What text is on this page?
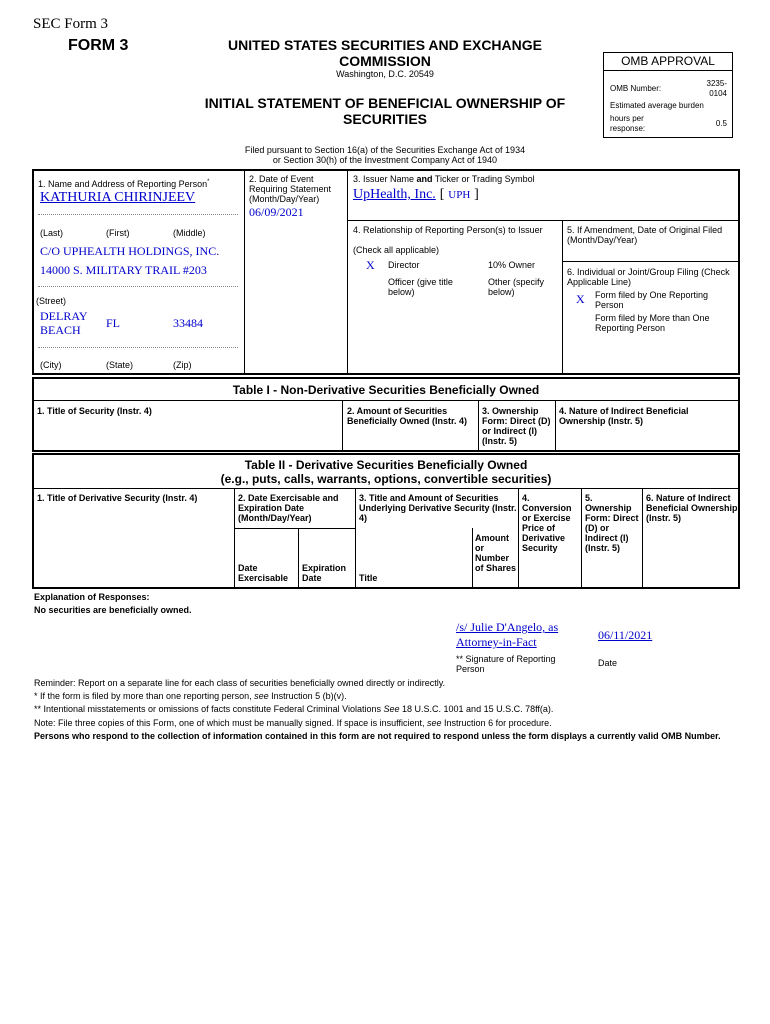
SEC Form 3
FORM 3	UNITED STATES SECURITIES AND EXCHANGE COMMISSION
Washington, D.C. 20549
INITIAL STATEMENT OF BENEFICIAL OWNERSHIP OF SECURITIES
Filed pursuant to Section 16(a) of the Securities Exchange Act of 1934
or Section 30(h) of the Investment Company Act of 1940
OMB APPROVAL
OMB Number:
3235-0104
Estimated average burden
hours per response:
0.5
1. Name and Address of Reporting Person*
KATHURIA CHIRINJEEV
(Last)	(First)	(Middle)
C/O UPHEALTH HOLDINGS, INC.
14000 S. MILITARY TRAIL #203
(Street)
DELRAY BEACH	FL	33484
(City)	(State)	(Zip)
2. Date of Event Requiring Statement (Month/Day/Year)
06/09/2021
3. Issuer Name and Ticker or Trading Symbol
UpHealth, Inc. [ UPH ]
4. Relationship of Reporting Person(s) to Issuer
(Check all applicable)
X Director	10% Owner
Officer (give title below)
Other (specify below)
5. If Amendment, Date of Original Filed (Month/Day/Year)
6. Individual or Joint/Group Filing (Check Applicable Line)
X Form filed by One Reporting Person
Form filed by More than One Reporting Person
Table I - Non-Derivative Securities Beneficially Owned
1. Title of Security (Instr. 4)	2. Amount of Securities Beneficially Owned (Instr. 4)
3. Ownership Form: Direct (D) or Indirect (I) (Instr. 5)
4. Nature of Indirect Beneficial Ownership (Instr. 5)
Table II - Derivative Securities Beneficially Owned
(e.g., puts, calls, warrants, options, convertible securities)
1. Title of Derivative Security (Instr. 4)	2. Date Exercisable and Expiration Date (Month/Day/Year)
3. Title and Amount of Securities Underlying Derivative Security (Instr. 4)
4. Conversion or Exercise Price of Derivative Security
5. Ownership Form: Direct (D) or Indirect (I) (Instr. 5)
6. Nature of Indirect Beneficial Ownership (Instr. 5)
Date Exercisable
Expiration Date	Title
Amount or Number of Shares
Explanation of Responses:
No securities are beneficially owned.
/s/ Julie D'Angelo, as Attorney-in-Fact	06/11/2021
** Signature of Reporting Person
Date
Reminder: Report on a separate line for each class of securities beneficially owned directly or indirectly.
* If the form is filed by more than one reporting person, see Instruction 5 (b)(v).
** Intentional misstatements or omissions of facts constitute Federal Criminal Violations See 18 U.S.C. 1001 and 15 U.S.C. 78ff(a).
Note: File three copies of this Form, one of which must be manually signed. If space is insufficient, see Instruction 6 for procedure.
Persons who respond to the collection of information contained in this form are not required to respond unless the form displays a currently valid OMB Number.
